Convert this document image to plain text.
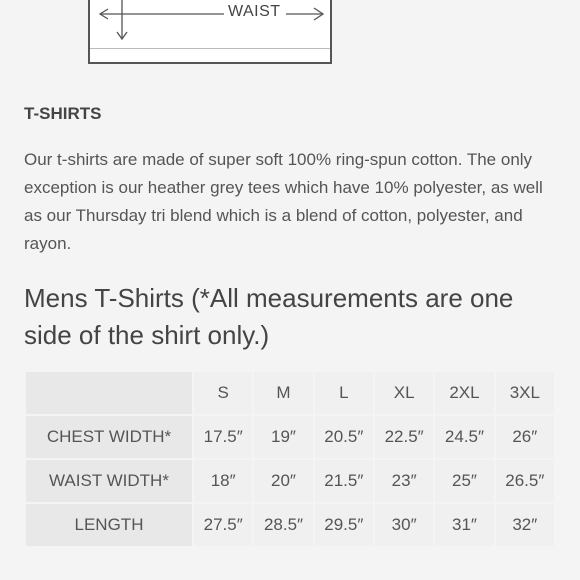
WAIST
T-SHIRTS
Our t-shirts are made of super soft 100% ring-spun cotton. The only exception is our heather grey tees which have 10% polyester, as well as our Thursday tri blend which is a blend of cotton, polyester, and rayon.
Mens T-Shirts (*All measurements are one side of the shirt only.)
	S	M	L	XL	2XL	3XL
CHEST WIDTH*	17.5″	19″	20.5″	22.5″	24.5″	26″
WAIST WIDTH*	18″	20″	21.5″	23″	25″	26.5″
LENGTH	27.5″	28.5″	29.5″	30″	31″	32″
